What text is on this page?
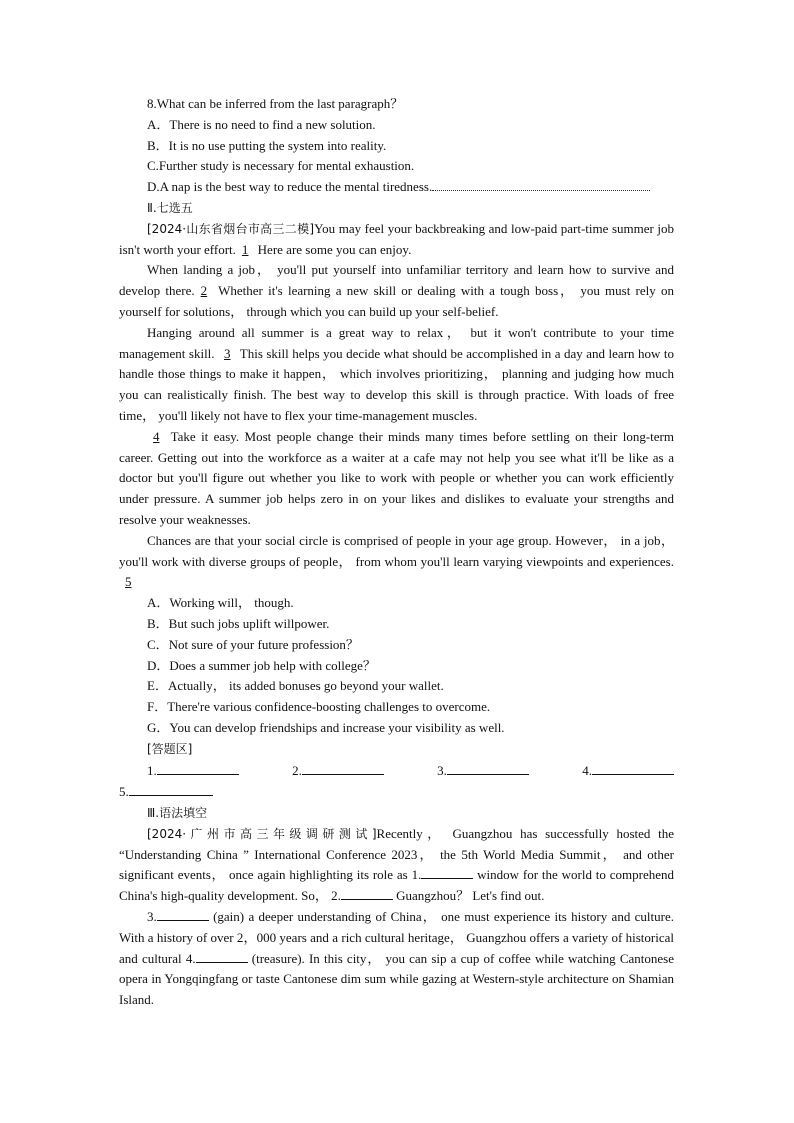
8.What can be inferred from the last paragraph？

A．There is no need to find a new solution.

B．It is no use putting the system into reality.

C.Further study is necessary for mental exhaustion.

D.A nap is the best way to reduce the mental tiredness.

Ⅱ.七选五

[2024·山东省烟台市高三二模]You may feel your backbreaking and low-paid part-time summer job isn't worth your effort. 1 Here are some you can enjoy.

When landing a job， you'll put yourself into unfamiliar territory and learn how to survive and develop there. 2 Whether it's learning a new skill or dealing with a tough boss， you must rely on yourself for solutions， through which you can build up your self-belief.

Hanging around all summer is a great way to relax， but it won't contribute to your time management skill. 3 This skill helps you decide what should be accomplished in a day and learn how to handle those things to make it happen， which involves prioritizing， planning and judging how much you can realistically finish. The best way to develop this skill is through practice. With loads of free time， you'll likely not have to flex your time-management muscles.

4 Take it easy. Most people change their minds many times before settling on their long-term career. Getting out into the workforce as a waiter at a cafe may not help you see what it'll be like as a doctor but you'll figure out whether you like to work with people or whether you can work efficiently under pressure. A summer job helps zero in on your likes and dislikes to evaluate your strengths and resolve your weaknesses.

Chances are that your social circle is comprised of people in your age group. However， in a job， you'll work with diverse groups of people， from whom you'll learn varying viewpoints and experiences. 5

A．Working will， though.

B．But such jobs uplift willpower.

C．Not sure of your future profession？

D．Does a summer job help with college？

E．Actually， its added bonuses go beyond your wallet.

F．There're various confidence-boosting challenges to overcome.

G．You can develop friendships and increase your visibility as well.

[答题区]

1.	2.	3.	4.

5.

Ⅲ.语法填空

[2024·广州市高三年级调研测试]Recently， Guangzhou has successfully hosted the “Understanding China ” International Conference 2023， the 5th World Media Summit， and other significant events， once again highlighting its role as 1.	window for the world to comprehend China's high-quality development. So， 2.	Guangzhou？ Let's find out.

3.	(gain) a deeper understanding of China， one must experience its history and culture. With a history of over 2，000 years and a rich cultural heritage， Guangzhou offers a variety of historical and cultural 4.	(treasure). In this city， you can sip a cup of coffee while watching Cantonese opera in Yongqingfang or taste Cantonese dim sum while gazing at Western-style architecture on Shamian Island.
